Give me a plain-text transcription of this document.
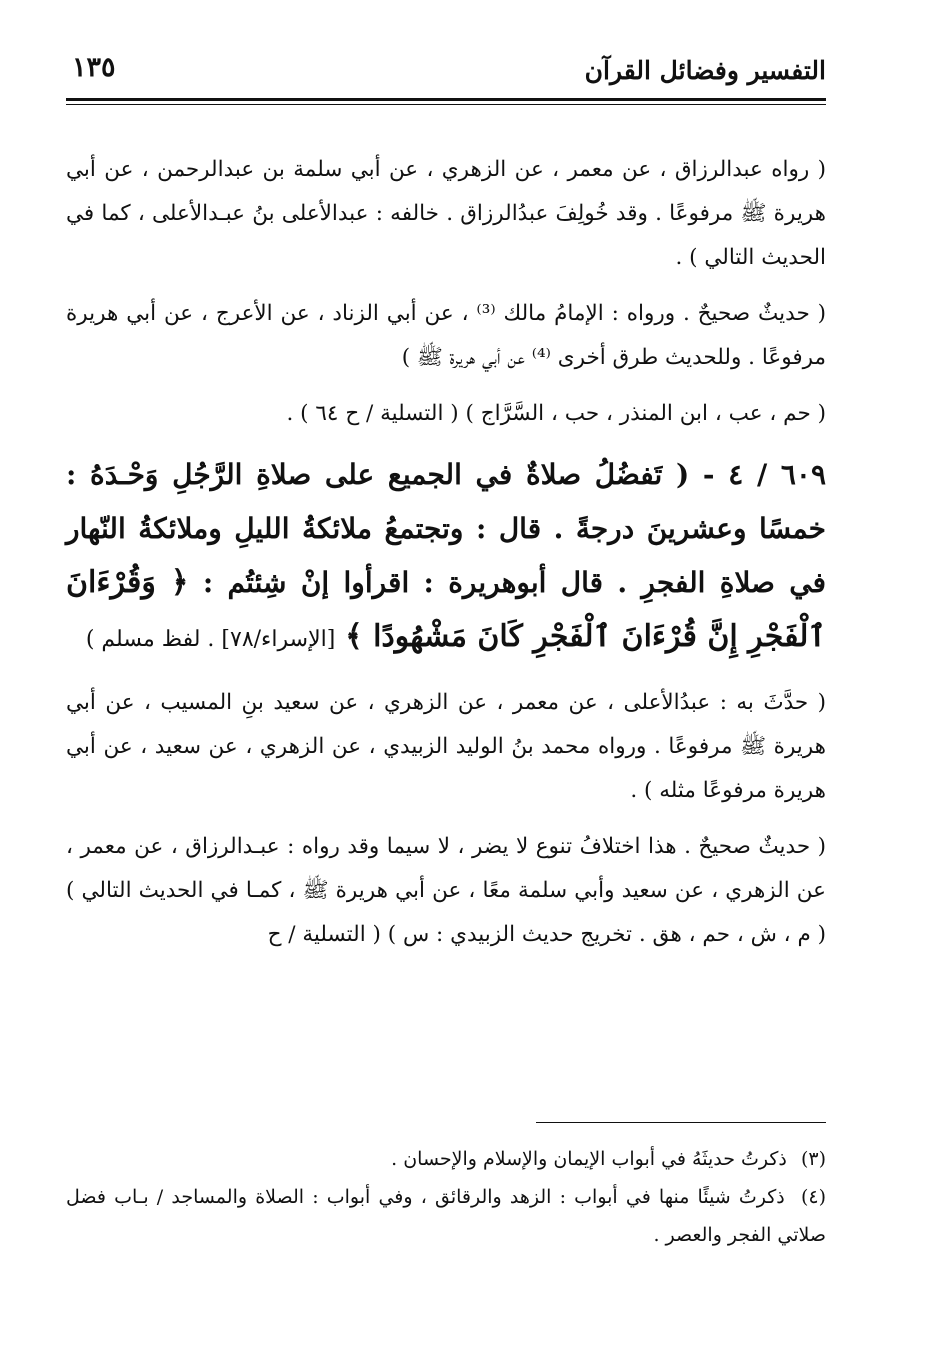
التفسير وفضائل القرآن
١٣٥

( رواه عبدالرزاق ، عن معمر ، عن الزهري ، عن أبي سلمة بن عبدالرحمن ، عن أبي هريرة ﷺ مرفوعًا . وقد خُولِفَ عبدُالرزاق . خالفه : عبدالأعلى بنُ عبـدالأعلى ، كما في الحديث التالي ) .

( حديثٌ صحيحٌ . ورواه : الإمامُ مالك ⁽³⁾ ، عن أبي الزناد ، عن الأعرج ، عن أبي هريرة مرفوعًا . وللحديث طرق أخرى ⁽⁴⁾ عن أبي هريرة ﷺ )

( حم ، عب ، ابن المنذر ، حب ، السَّرَّاج ) ( التسلية / ح ٦٤ ) .

٦٠٩ / ٤ - ( تَفضُلُ صلاةٌ في الجميع على صلاةِ الرَّجُلِ وَحْـدَهُ : خمسًا وعشرينَ درجةً . قال : وتجتمعُ ملائكةُ الليلِ وملائكةُ النّهار في صلاةِ الفجرِ . قال أبوهريرة : اقرأوا إنْ شِئتُم : ﴿ وَقُرْءَانَ ٱلْفَجْرِ إِنَّ قُرْءَانَ ٱلْفَجْرِ كَانَ مَشْهُودًا ﴾ [الإسراء/٧٨] . لفظ مسلم )

( حدَّثَ به : عبدُالأعلى ، عن معمر ، عن الزهري ، عن سعيد بنِ المسيب ، عن أبي هريرة ﷺ مرفوعًا . ورواه محمد بنُ الوليد الزبيدي ، عن الزهري ، عن سعيد ، عن أبي هريرة مرفوعًا مثله ) .

( حديثٌ صحيحٌ . هذا اختلافُ تنوع لا يضر ، لا سيما وقد رواه : عبـدالرزاق ، عن معمر ، عن الزهري ، عن سعيد وأبي سلمة معًا ، عن أبي هريرة ﷺ ، كمـا في الحديث التالي ) ( م ، ش ، حم ، هق . تخريج حديث الزبيدي : س ) ( التسلية / ح

(٣) ذكرتُ حديثَهُ في أبواب الإيمان والإسلام والإحسان .

(٤) ذكرتُ شيئًا منها في أبواب : الزهد والرقائق ، وفي أبواب : الصلاة والمساجد / بـاب فضل صلاتي الفجر والعصر .
